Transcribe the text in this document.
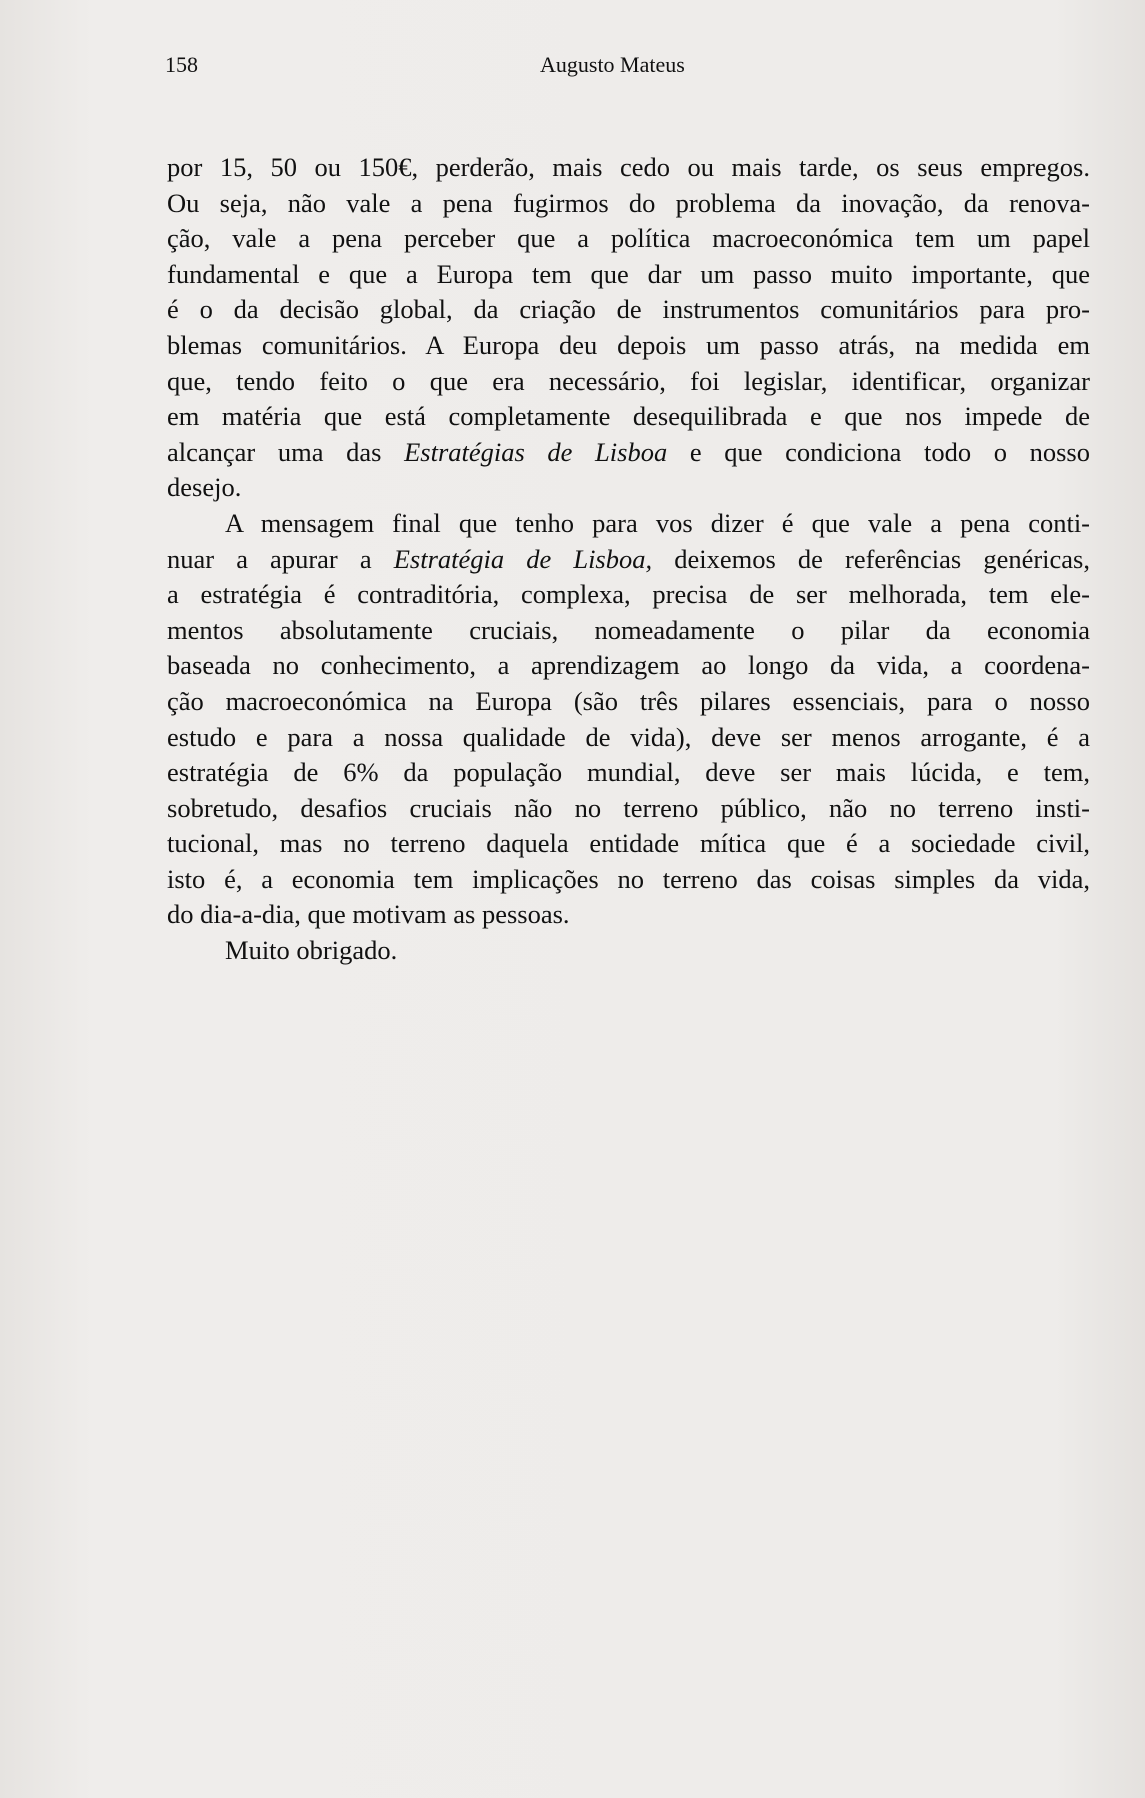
158	Augusto Mateus
por 15, 50 ou 150€, perderão, mais cedo ou mais tarde, os seus empregos.
Ou seja, não vale a pena fugirmos do problema da inovação, da renova-
ção, vale a pena perceber que a política macroeconómica tem um papel
fundamental e que a Europa tem que dar um passo muito importante, que
é o da decisão global, da criação de instrumentos comunitários para pro-
blemas comunitários. A Europa deu depois um passo atrás, na medida em
que, tendo feito o que era necessário, foi legislar, identificar, organizar
em matéria que está completamente desequilibrada e que nos impede de
alcançar uma das Estratégias de Lisboa e que condiciona todo o nosso
desejo.
A mensagem final que tenho para vos dizer é que vale a pena conti-
nuar a apurar a Estratégia de Lisboa, deixemos de referências genéricas,
a estratégia é contraditória, complexa, precisa de ser melhorada, tem ele-
mentos absolutamente cruciais, nomeadamente o pilar da economia
baseada no conhecimento, a aprendizagem ao longo da vida, a coordena-
ção macroeconómica na Europa (são três pilares essenciais, para o nosso
estudo e para a nossa qualidade de vida), deve ser menos arrogante, é a
estratégia de 6% da população mundial, deve ser mais lúcida, e tem,
sobretudo, desafios cruciais não no terreno público, não no terreno insti-
tucional, mas no terreno daquela entidade mítica que é a sociedade civil,
isto é, a economia tem implicações no terreno das coisas simples da vida,
do dia-a-dia, que motivam as pessoas.
Muito obrigado.
